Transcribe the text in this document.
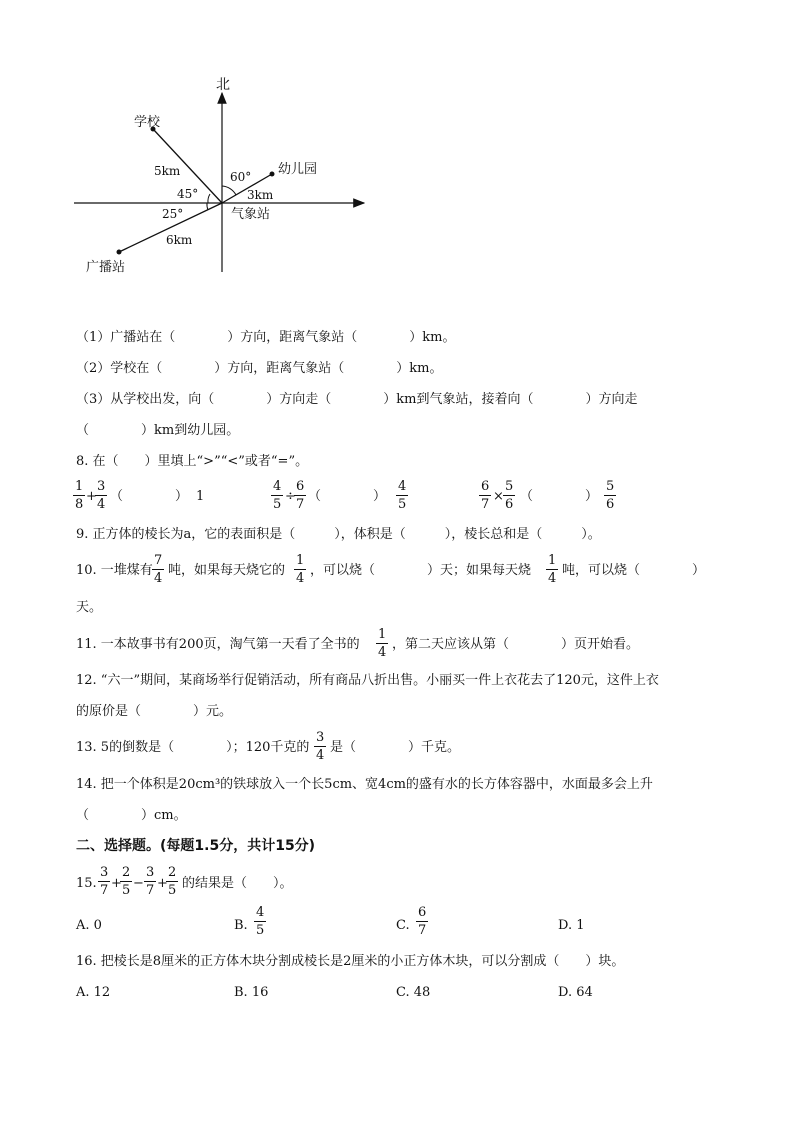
北
学校
幼儿园
气象站
广播站
5km
3km
6km
45°
60°
25°
（1）广播站在（　　　　）方向，距离气象站（　　　　）km。
（2）学校在（　　　　）方向，距离气象站（　　　　）km。
（3）从学校出发，向（　　　　）方向走（　　　　）km到气象站，接着向（　　　　）方向走
（　　　　）km到幼儿园。
8. 在（　　）里填上“>”“<”或者“=”。
1
8
+
3
4
（　　　　） 1
4
5
÷
6
7
（　　　　）
4
5
6
7
×
5
6
（　　　　）
5
6
9. 正方体的棱长为a，它的表面积是（　　　），体积是（　　　），棱长总和是（　　　）。
10. 一堆煤有
7
4
吨，如果每天烧它的
1
4
，可以烧（　　　　）天；如果每天烧
1
4
吨，可以烧（　　　　）
天。
11. 一本故事书有200页，淘气第一天看了全书的
1
4
，第二天应该从第（　　　　）页开始看。
12. “六一”期间，某商场举行促销活动，所有商品八折出售。小丽买一件上衣花去了120元，这件上衣
的原价是（　　　　）元。
13. 5的倒数是（　　　　）；120千克的
3
4
是（　　　　）千克。
14. 把一个体积是20cm³的铁球放入一个长5cm、宽4cm的盛有水的长方体容器中，水面最多会上升
（　　　　）cm。
二、选择题。(每题1.5分，共计15分)
15.
3
7 +
2
5 −
3
7 +
2
5 的结果是（　　）。
A. 0	B.
4
5	C.
6
7	D. 1
16. 把棱长是8厘米的正方体木块分割成棱长是2厘米的小正方体木块，可以分割成（　　）块。
A. 12	B. 16	C. 48	D. 64
